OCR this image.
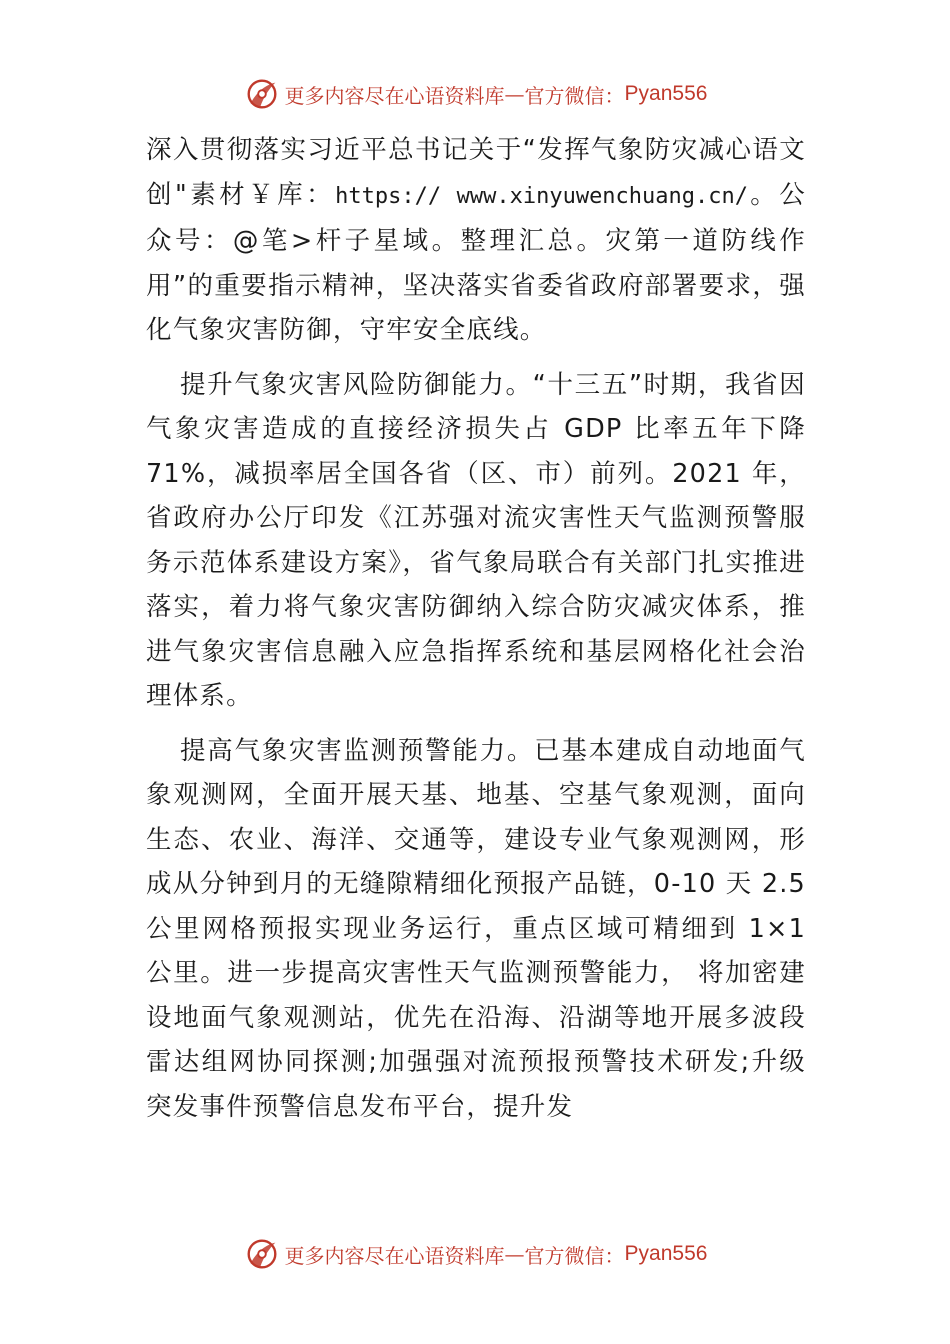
更多内容尽在心语资料库 — 官方微信： Pyan556

深入贯彻落实习近平总书记关于“发挥气象防灾减心语文创"素材￥库：https:// www.xinyuwenchuang.cn/。公众号：@笔>杆子星域。整理汇总。灾第一道防线作用”的重要指示精神，坚决落实省委省政府部署要求，强化气象灾害防御，守牢安全底线。

提升气象灾害风险防御能力。“十三五”时期，我省因气象灾害造成的直接经济损失占 GDP 比率五年下降 71%，减损率居全国各省（区、市）前列。2021 年，省政府办公厅印发《江苏强对流灾害性天气监测预警服务示范体系建设方案》，省气象局联合有关部门扎实推进落实，着力将气象灾害防御纳入综合防灾减灾体系，推进气象灾害信息融入应急指挥系统和基层网格化社会治理体系。

提高气象灾害监测预警能力。已基本建成自动地面气象观测网，全面开展天基、地基、空基气象观测，面向生态、农业、海洋、交通等，建设专业气象观测网，形成从分钟到月的无缝隙精细化预报产品链，0-10 天 2.5 公里网格预报实现业务运行，重点区域可精细到 1×1 公里。进一步提高灾害性天气监测预警能力， 将加密建设地面气象观测站，优先在沿海、沿湖等地开展多波段雷达组网协同探测;加强强对流预报预警技术研发;升级突发事件预警信息发布平台，提升发

更多内容尽在心语资料库 — 官方微信： Pyan556
